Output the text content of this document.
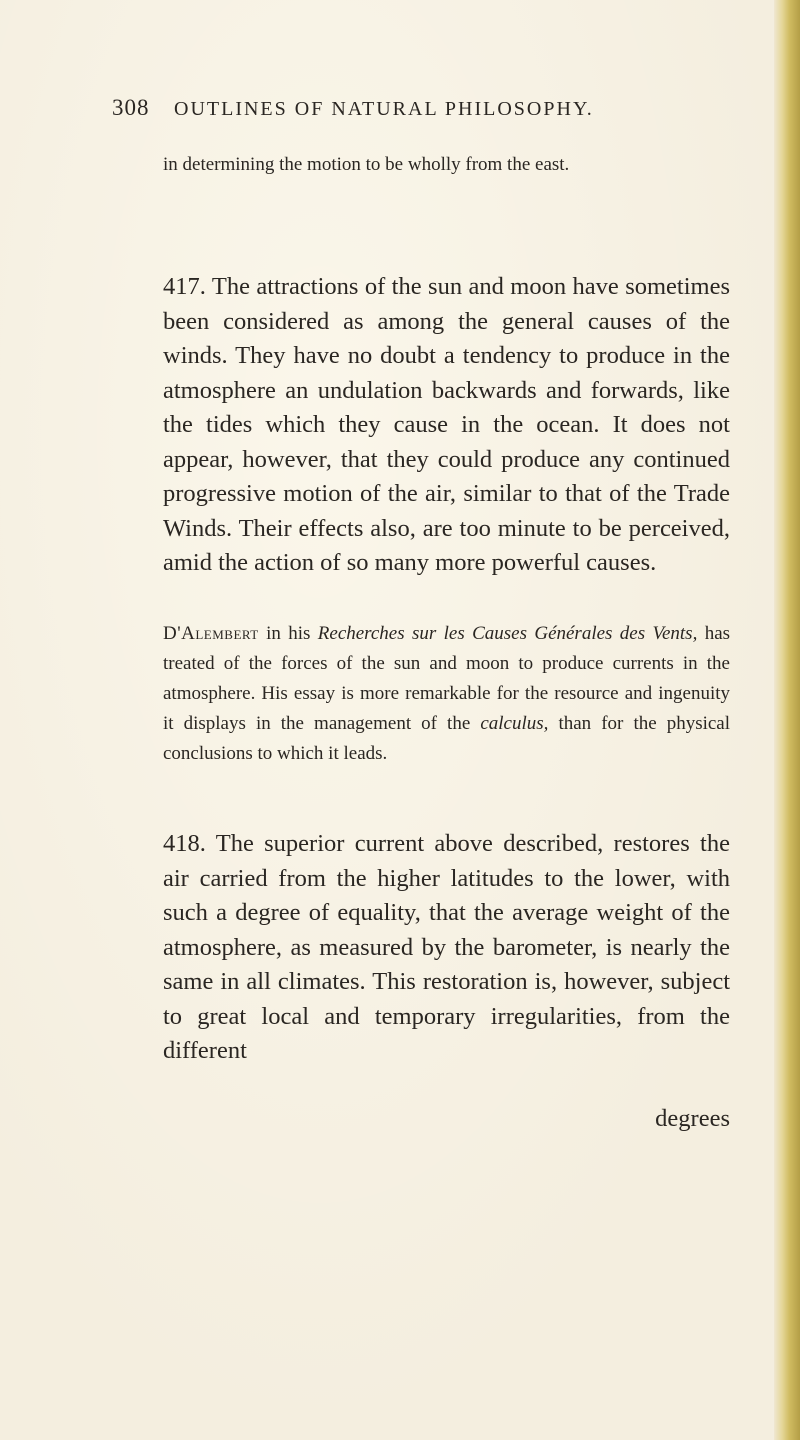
308 OUTLINES OF NATURAL PHILOSOPHY.

in determining the motion to be wholly from the east.

417. The attractions of the sun and moon have sometimes been considered as among the general causes of the winds. They have no doubt a tendency to produce in the atmosphere an undulation backwards and forwards, like the tides which they cause in the ocean. It does not appear, however, that they could produce any continued progressive motion of the air, similar to that of the Trade Winds. Their effects also, are too minute to be perceived, amid the action of so many more powerful causes.

D'Alembert in his Recherches sur les Causes Générales des Vents, has treated of the forces of the sun and moon to produce currents in the atmosphere. His essay is more remarkable for the resource and ingenuity it displays in the management of the calculus, than for the physical conclusions to which it leads.

418. The superior current above described, restores the air carried from the higher latitudes to the lower, with such a degree of equality, that the average weight of the atmosphere, as measured by the barometer, is nearly the same in all climates. This restoration is, however, subject to great local and temporary irregularities, from the different

degrees
